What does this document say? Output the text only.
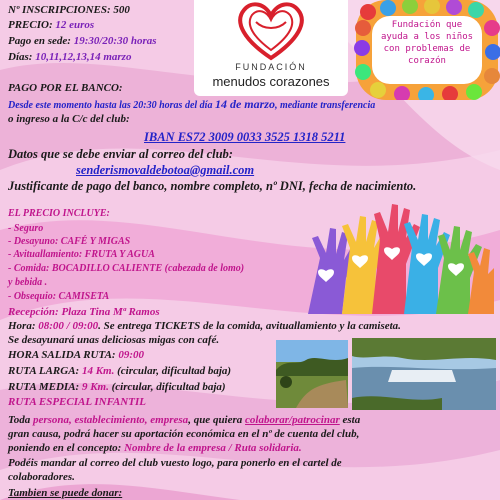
Nº INSCRIPCIONES: 500
PRECIO: 12 euros
Pago en sede: 19:30/20:30 horas
Días: 10,11,12,13,14 marzo
FUNDACIÓN
menudos corazones
Fundación que
ayuda a los niños
con problemas de
corazón
PAGO POR EL BANCO:
Desde este momento hasta las 20:30 horas del día 14 de marzo, mediante transferencia
o ingreso a la C/c del club:
IBAN ES72 3009 0033 3525 1318 5211
Datos que se debe enviar al correo del club:
senderismovaldebotoa@gmail.com
Justificante de pago del banco, nombre completo, nº DNI, fecha de nacimiento.
EL PRECIO INCLUYE:
- Seguro
- Desayuno: CAFÉ Y MIGAS
- Avituallamiento: FRUTA Y AGUA
- Comida: BOCADILLO CALIENTE (cabezada de lomo)
y bebida .
- Obsequio: CAMISETA
Recepción: Plaza Tina Mª Ramos
Hora: 08:00 / 09:00. Se entrega TICKETS de la comida, avituallamiento y la camiseta.
Se desayunará unas deliciosas migas con café.
HORA SALIDA RUTA: 09:00
RUTA LARGA: 14 Km. (circular, dificultad baja)
RUTA MEDIA: 9 Km. (circular, dificultad baja)
RUTA ESPECIAL INFANTIL
Toda persona, establecimiento, empresa, que quiera colaborar/patrocinar esta
gran causa, podrá hacer su aportación económica en el nº de cuenta del club,
poniendo en el concepto: Nombre de la empresa / Ruta solidaria.
Podéis mandar al correo del club vuesto logo, para ponerlo en el cartel de
colaboradores.
Tambien se puede donar:
